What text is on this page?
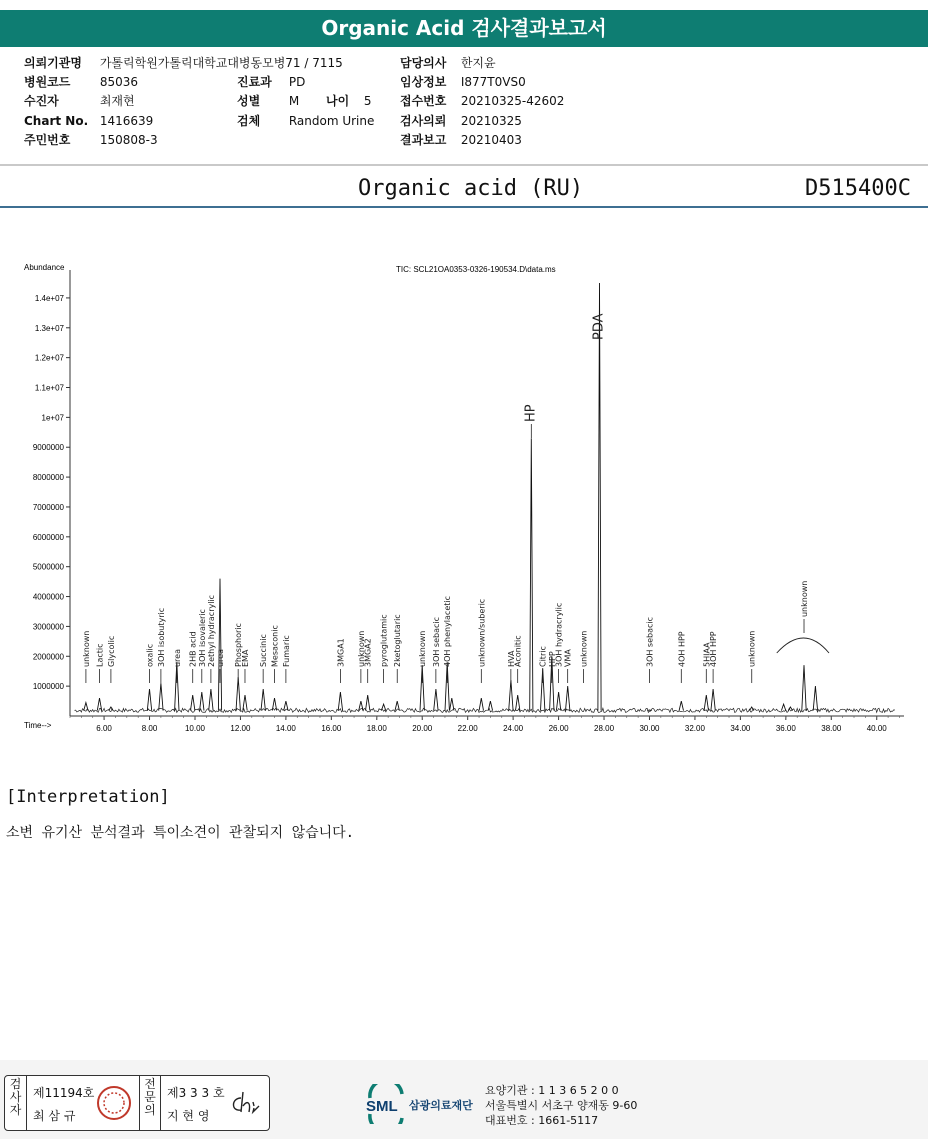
Organic Acid 검사결과보고서
의뢰기관명 가톨릭학원가톨릭대학교대병동모병71 / 7115
병원코드 85036
수진자	최재현
Chart No. 1416639
주민번호 150808-3
진료과 PD
성별 M 나이 5
검체 Random Urine
담당의사 한지윤
임상정보 I877T0VS0
접수번호 20210325-42602
검사의뢰 20210325
결과보고 20210403
Organic acid (RU)	D515400C
TIC: SCL21OA0353-0326-190534.D\data.ms
Abundance
Time-->
1000000
2000000
3000000
4000000
5000000
6000000
7000000
8000000
9000000
1e+07
1.1e+07
1.2e+07
1.3e+07
1.4e+07
6.00	8.00	10.00	12.00	14.00	16.00	18.00	20.00	22.00	24.00	26.00	28.00	30.00	32.00	34.00	36.00	38.00	40.00
PDA
HP
urea
unknown
unknown Lactic Glycolic	oxalic 3OH isobutyric urea 2HB acid 3OH isovaleric 2ethyl hydracrylic Phosphoric
EMA Succinic Mesaconic Fumaric	3MGA1 unknown
3MGA2 pyroglutamic 2ketoglutaric unknown 3OH sebacic 4OH phenylacetic	unknown/suberic	HVA
Aconitic Citric HPP
3OH hydracrylic VMA unknown	3OH sebacic	4OH HPP 5HIAA
4OH HPP	unknown
[Interpretation]
소변 유기산 분석결과 특이소견이 관찰되지 않습니다.
검사자
제11194호
최 삼 규
전문의
제3 3 3 호
지 현 영
SML 삼광의료재단
요양기관 : 1 1 3 6 5 2 0 0
서울특별시 서초구 양재동 9-60
대표번호 : 1661-5117
